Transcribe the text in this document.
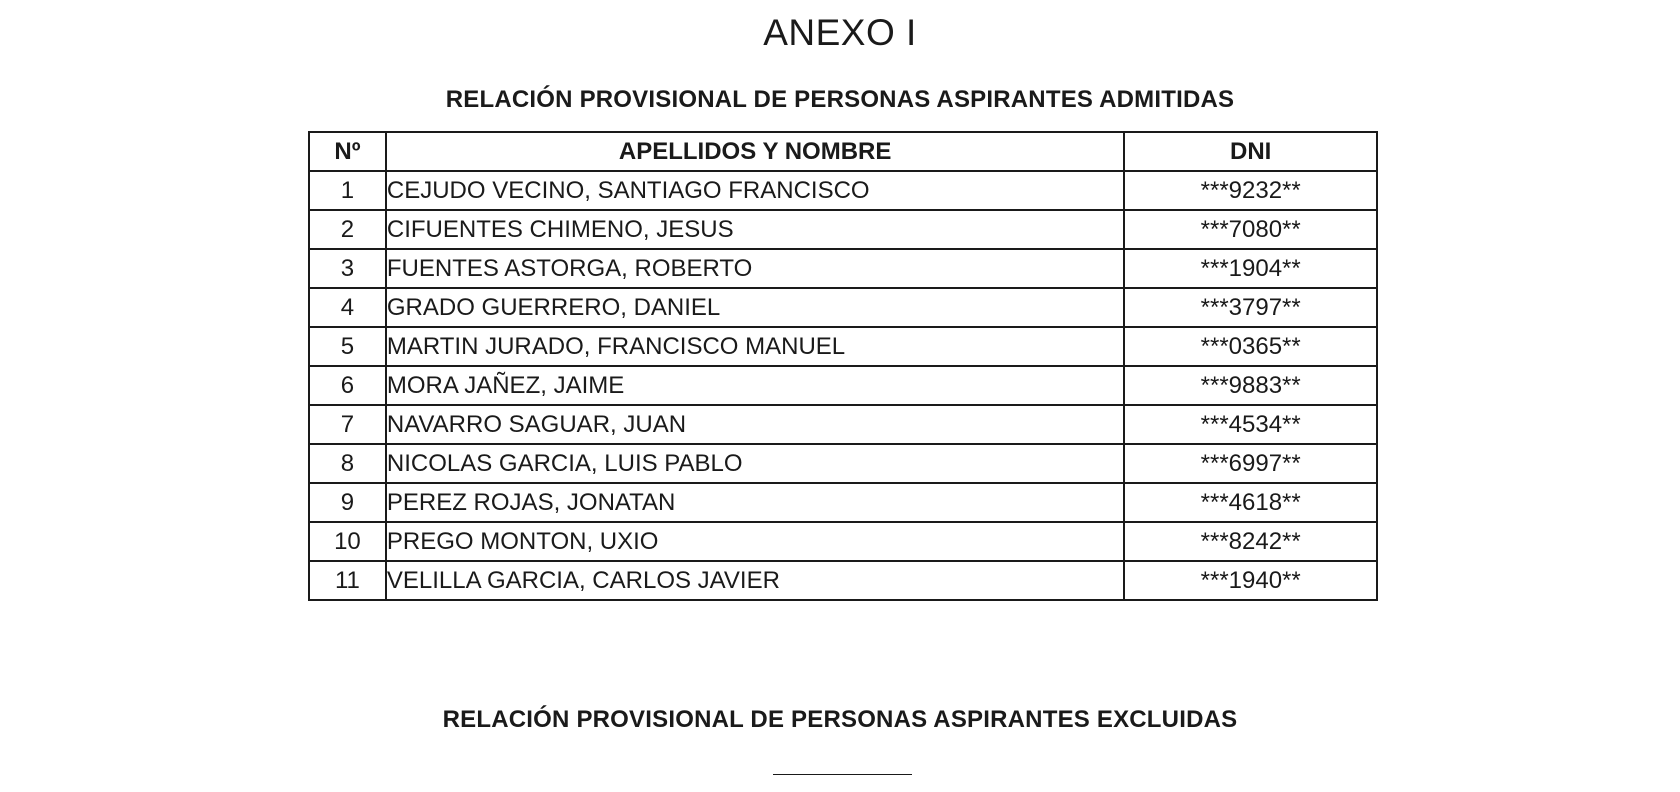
ANEXO I
RELACIÓN PROVISIONAL DE PERSONAS ASPIRANTES ADMITIDAS
Nº	APELLIDOS Y NOMBRE	DNI
1	CEJUDO VECINO, SANTIAGO FRANCISCO	***9232**
2	CIFUENTES CHIMENO, JESUS	***7080**
3	FUENTES ASTORGA, ROBERTO	***1904**
4	GRADO GUERRERO, DANIEL	***3797**
5	MARTIN JURADO, FRANCISCO MANUEL	***0365**
6	MORA JAÑEZ, JAIME	***9883**
7	NAVARRO SAGUAR, JUAN	***4534**
8	NICOLAS GARCIA, LUIS PABLO	***6997**
9	PEREZ ROJAS, JONATAN	***4618**
10	PREGO MONTON, UXIO	***8242**
11	VELILLA GARCIA, CARLOS JAVIER	***1940**
RELACIÓN PROVISIONAL DE PERSONAS ASPIRANTES EXCLUIDAS
